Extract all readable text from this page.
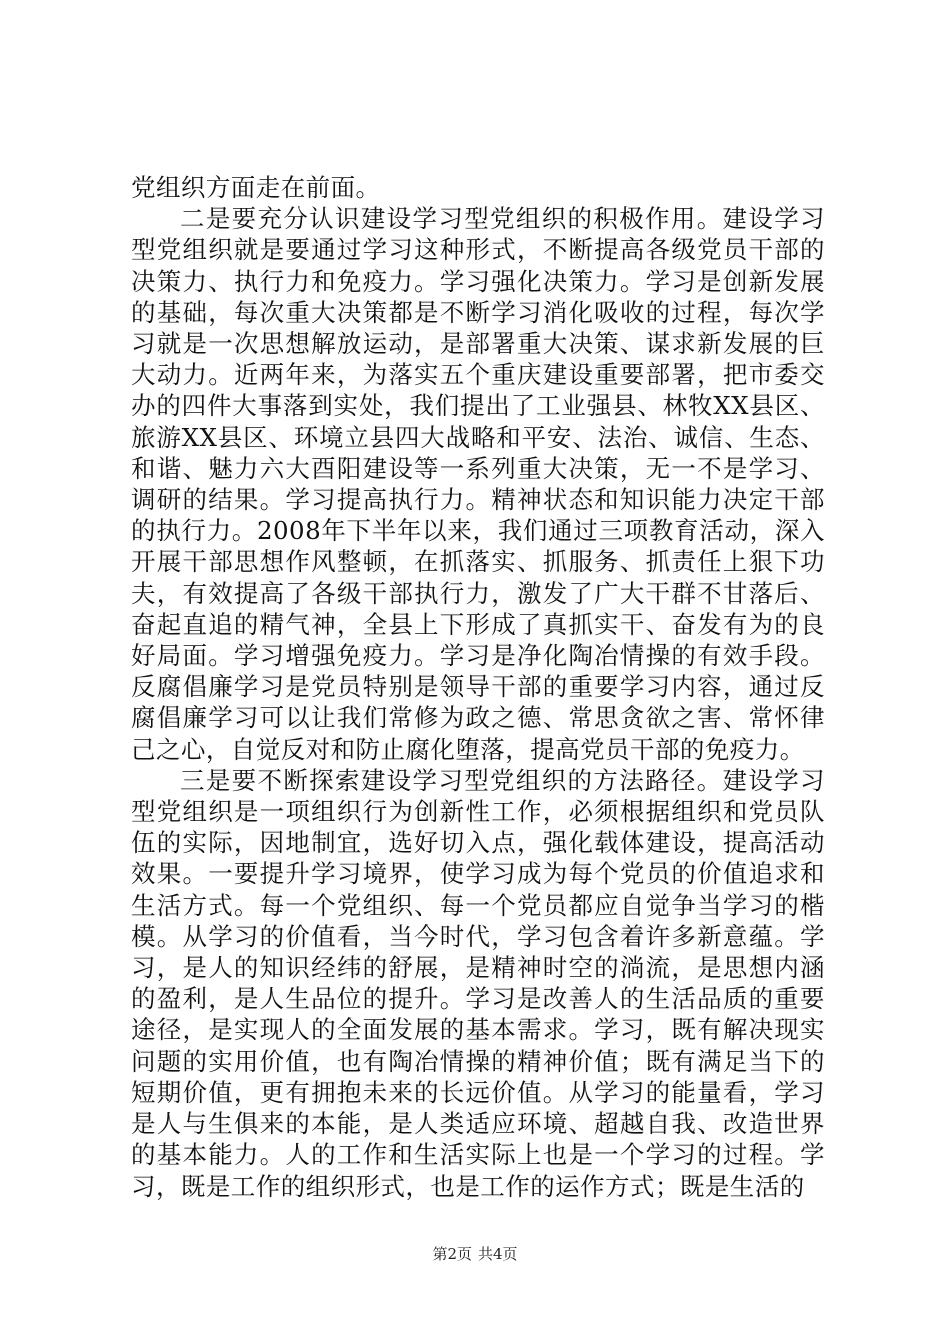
党组织方面走在前面。

二是要充分认识建设学习型党组织的积极作用。建设学习型党组织就是要通过学习这种形式，不断提高各级党员干部的决策力、执行力和免疫力。学习强化决策力。学习是创新发展的基础，每次重大决策都是不断学习消化吸收的过程，每次学习就是一次思想解放运动，是部署重大决策、谋求新发展的巨大动力。近两年来，为落实五个重庆建设重要部署，把市委交办的四件大事落到实处，我们提出了工业强县、林牧XX县区、旅游XX县区、环境立县四大战略和平安、法治、诚信、生态、和谐、魅力六大酉阳建设等一系列重大决策，无一不是学习、调研的结果。学习提高执行力。精神状态和知识能力决定干部的执行力。2008年下半年以来，我们通过三项教育活动，深入开展干部思想作风整顿，在抓落实、抓服务、抓责任上狠下功夫，有效提高了各级干部执行力，激发了广大干群不甘落后、奋起直追的精气神，全县上下形成了真抓实干、奋发有为的良好局面。学习增强免疫力。学习是净化陶冶情操的有效手段。反腐倡廉学习是党员特别是领导干部的重要学习内容，通过反腐倡廉学习可以让我们常修为政之德、常思贪欲之害、常怀律己之心，自觉反对和防止腐化堕落，提高党员干部的免疫力。

三是要不断探索建设学习型党组织的方法路径。建设学习型党组织是一项组织行为创新性工作，必须根据组织和党员队伍的实际，因地制宜，选好切入点，强化载体建设，提高活动效果。一要提升学习境界，使学习成为每个党员的价值追求和生活方式。每一个党组织、每一个党员都应自觉争当学习的楷模。从学习的价值看，当今时代，学习包含着许多新意蕴。学习，是人的知识经纬的舒展，是精神时空的淌流，是思想内涵的盈利，是人生品位的提升。学习是改善人的生活品质的重要途径，是实现人的全面发展的基本需求。学习，既有解决现实问题的实用价值，也有陶冶情操的精神价值；既有满足当下的短期价值，更有拥抱未来的长远价值。从学习的能量看，学习是人与生俱来的本能，是人类适应环境、超越自我、改造世界的基本能力。人的工作和生活实际上也是一个学习的过程。学习，既是工作的组织形式，也是工作的运作方式；既是生活的

第2页 共4页
